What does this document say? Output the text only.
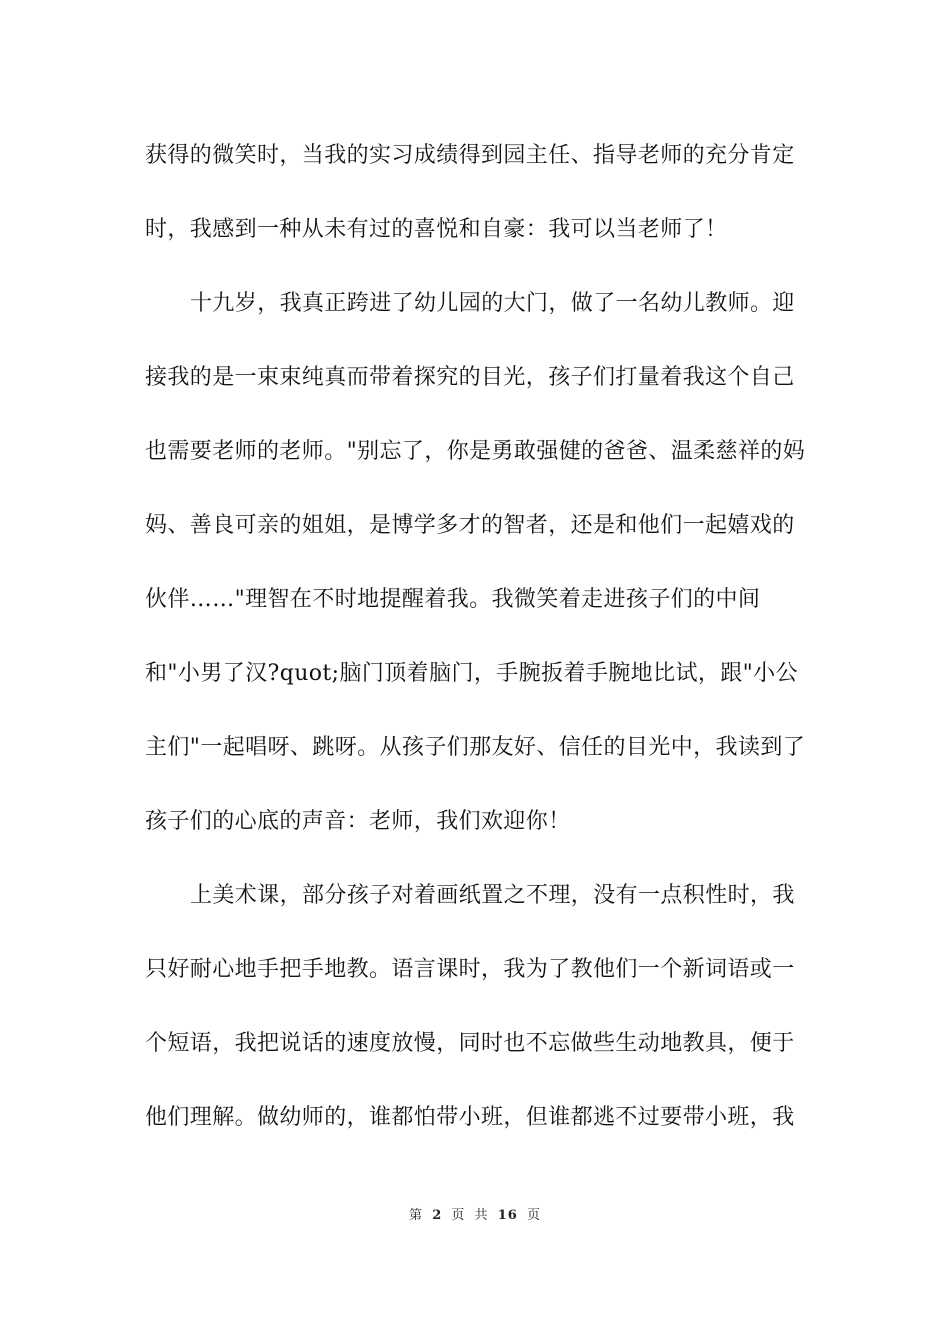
获得的微笑时，当我的实习成绩得到园主任、指导老师的充分肯定
时，我感到一种从未有过的喜悦和自豪：我可以当老师了！
十九岁，我真正跨进了幼儿园的大门，做了一名幼儿教师。迎
接我的是一束束纯真而带着探究的目光，孩子们打量着我这个自己
也需要老师的老师。"别忘了，你是勇敢强健的爸爸、温柔慈祥的妈
妈、善良可亲的姐姐，是博学多才的智者，还是和他们一起嬉戏的
伙伴……"理智在不时地提醒着我。我微笑着走进孩子们的中间
和"小男了汉?quot;脑门顶着脑门，手腕扳着手腕地比试，跟"小公
主们"一起唱呀、跳呀。从孩子们那友好、信任的目光中，我读到了
孩子们的心底的声音：老师，我们欢迎你！
上美术课，部分孩子对着画纸置之不理，没有一点积性时，我
只好耐心地手把手地教。语言课时，我为了教他们一个新词语或一
个短语，我把说话的速度放慢，同时也不忘做些生动地教具，便于
他们理解。做幼师的，谁都怕带小班，但谁都逃不过要带小班，我
第 2 页 共 16 页
